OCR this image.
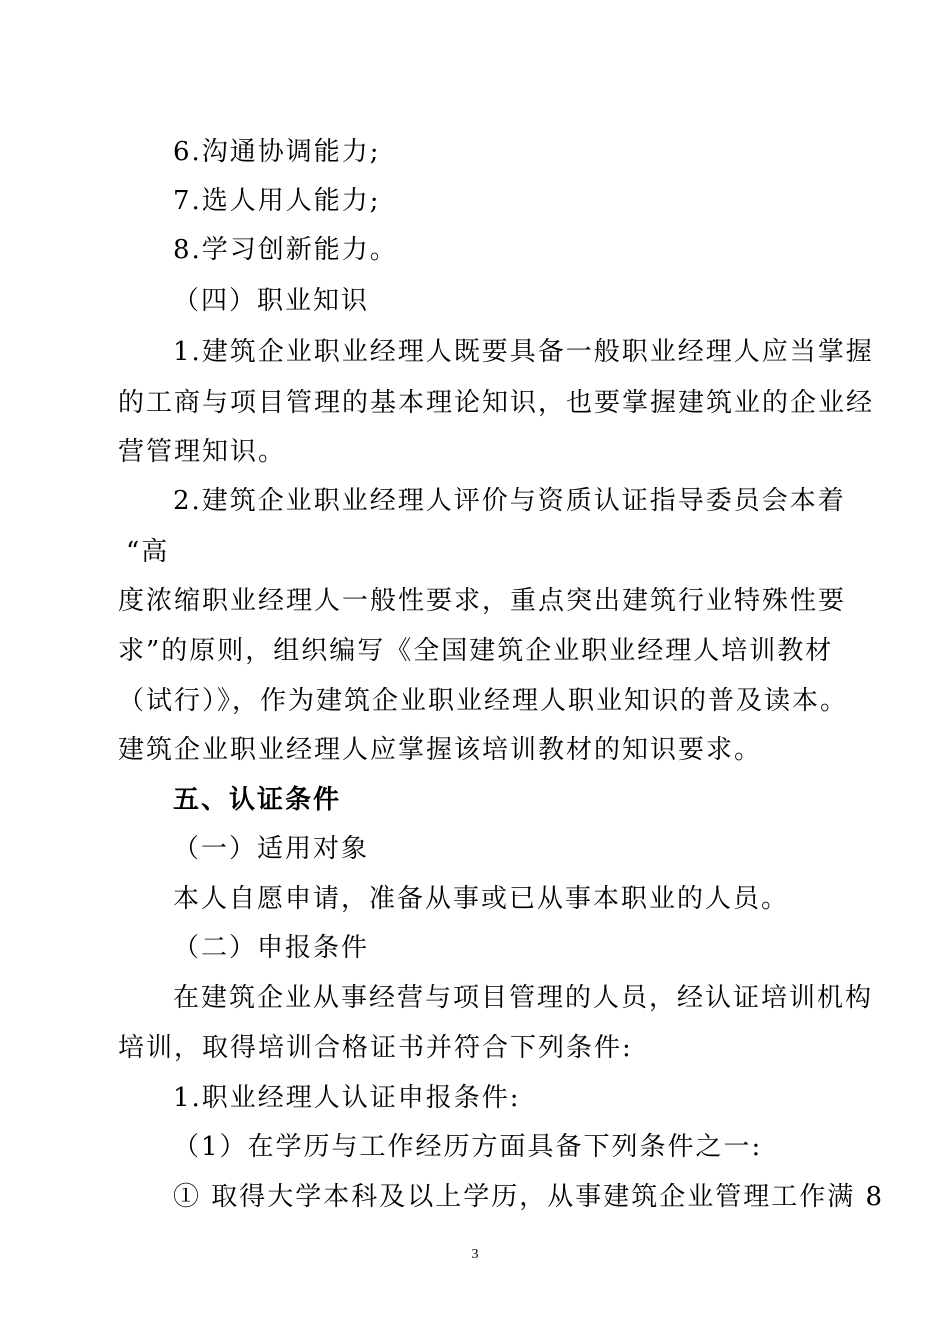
6.沟通协调能力;
7.选人用人能力;
8.学习创新能力。
（四）职业知识
1.建筑企业职业经理人既要具备一般职业经理人应当掌握
的工商与项目管理的基本理论知识，也要掌握建筑业的企业经
营管理知识。
2.建筑企业职业经理人评价与资质认证指导委员会本着
“高
度浓缩职业经理人一般性要求，重点突出建筑行业特殊性要
求”的原则，组织编写《全国建筑企业职业经理人培训教材
（试行）》，作为建筑企业职业经理人职业知识的普及读本。
建筑企业职业经理人应掌握该培训教材的知识要求。
五、认证条件
（一）适用对象
本人自愿申请，准备从事或已从事本职业的人员。
（二）申报条件
在建筑企业从事经营与项目管理的人员，经认证培训机构
培训，取得培训合格证书并符合下列条件:
1.职业经理人认证申报条件:
（1）在学历与工作经历方面具备下列条件之一:
① 取得大学本科及以上学历，从事建筑企业管理工作满 8
3
